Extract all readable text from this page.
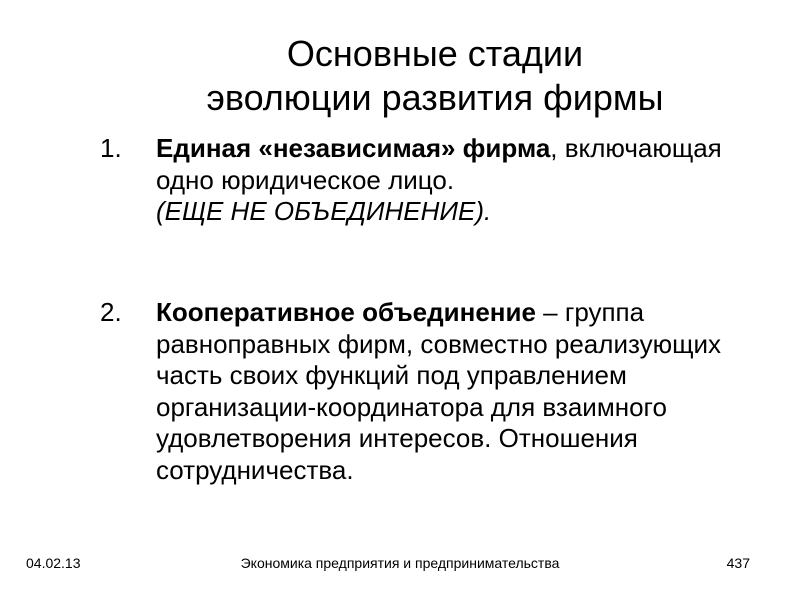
Основные стадии
эволюции развития фирмы
1.	Единая «независимая» фирма, включающая одно юридическое лицо.
(ЕЩЕ НЕ ОБЪЕДИНЕНИЕ).
2.	Кооперативное объединение – группа равноправных фирм, совместно реализующих часть своих функций под управлением организации-координатора для взаимного удовлетворения интересов. Отношения сотрудничества.
04.02.13	Экономика предприятия и предпринимательства	437
